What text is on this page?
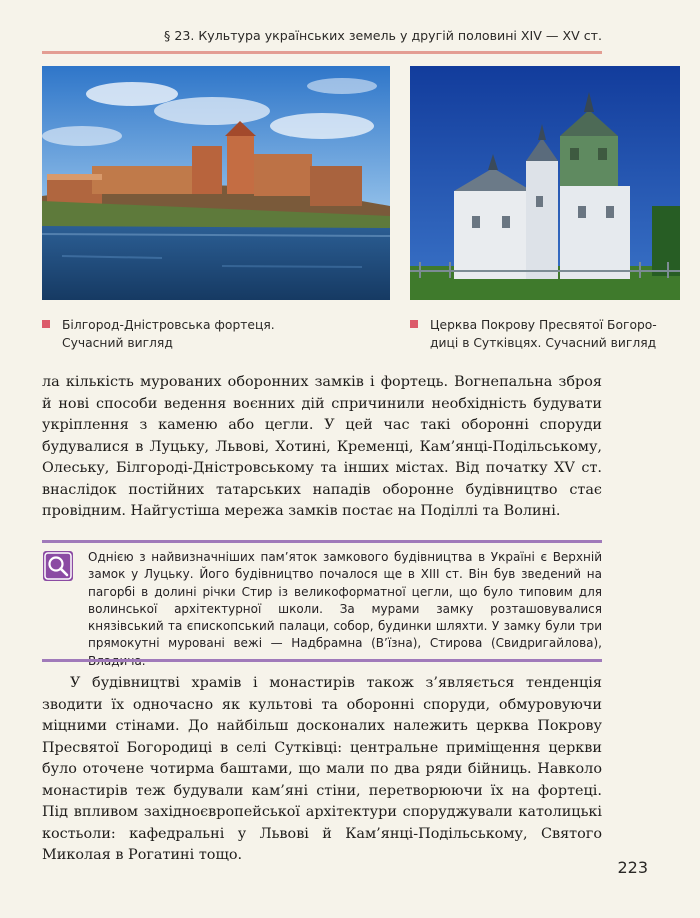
§ 23. Культура українських земель у другій половині XIV — XV ст.
Білгород-Дністровська фортеця.
Сучасний вигляд
Церква Покрову Пресвятої Богоро-
диці в Сутківцях. Сучасний вигляд

ла кількість мурованих оборонних замків і фортець. Вогнепальна зброя й нові способи ведення воєнних дій спричинили необхідність будувати укріплення з каменю або цегли. У цей час такі оборонні споруди будувалися в Луцьку, Львові, Хотині, Кременці, Кам’янці-Подільському, Олеську, Білгороді-Дністровському та інших містах. Від початку XV ст. внаслідок постійних татарських нападів оборонне будівництво стає провідним. Найгустіша мережа замків постає на Поділлі та Волині.

Однією з найвизначніших пам’яток замкового будівництва в Україні є Верхній замок у Луцьку. Його будівництво почалося ще в XIII ст. Він був зведений на пагорбі в долині річки Стир із великоформатної цегли, що було типовим для волинської архітектурної школи. За мурами замку розташовувалися князівський та єпископський палаци, собор, будинки шляхти. У замку були три прямокутні муровані вежі — Надбрамна (В’їзна), Стирова (Свидригайлова),

У будівництві храмів і монастирів також з’являється тенденція зводити їх одночасно як культові та оборонні споруди, обмуровуючи міцними стінами. До найбільш досконалих належить церква Покрову Пресвятої Богородиці в селі Сутківці: центральне приміщення церкви було оточене чотирма баштами, що мали по два ряди бійниць. Навколо монастирів теж будували кам’яні стіни, перетворюючи їх на фортеці. Під впливом західноєвропейської архітектури споруджували католицькі костьоли: кафедральні у Львові й Кам’янці-Подільському, Святого Миколая в Рогатині тощо.

223
